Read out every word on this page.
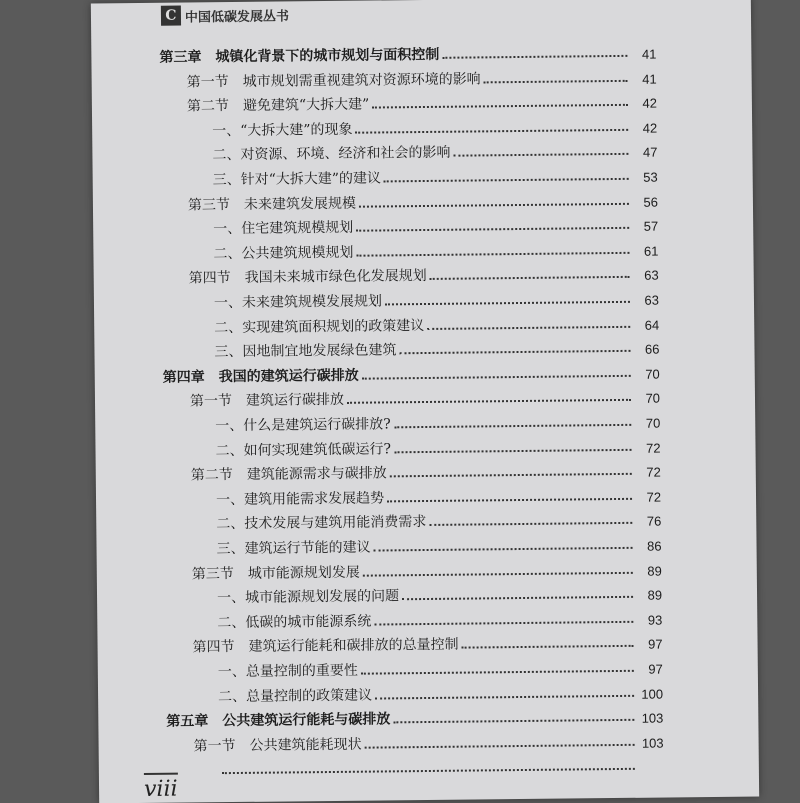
C 中国低碳发展丛书
第三章　城镇化背景下的城市规划与面积控制	41
第一节　城市规划需重视建筑对资源环境的影响	41
第二节　避免建筑“大拆大建”	42
一、“大拆大建”的现象	42
二、对资源、环境、经济和社会的影响	47
三、针对“大拆大建”的建议	53
第三节　未来建筑发展规模	56
一、住宅建筑规模规划	57
二、公共建筑规模规划	61
第四节　我国未来城市绿色化发展规划	63
一、未来建筑规模发展规划	63
二、实现建筑面积规划的政策建议	64
三、因地制宜地发展绿色建筑	66
第四章　我国的建筑运行碳排放	70
第一节　建筑运行碳排放	70
一、什么是建筑运行碳排放?	70
二、如何实现建筑低碳运行?	72
第二节　建筑能源需求与碳排放	72
一、建筑用能需求发展趋势	72
二、技术发展与建筑用能消费需求	76
三、建筑运行节能的建议	86
第三节　城市能源规划发展	89
一、城市能源规划发展的问题	89
二、低碳的城市能源系统	93
第四节　建筑运行能耗和碳排放的总量控制	97
一、总量控制的重要性	97
二、总量控制的政策建议	100
第五章　公共建筑运行能耗与碳排放	103
第一节　公共建筑能耗现状	103
viii
